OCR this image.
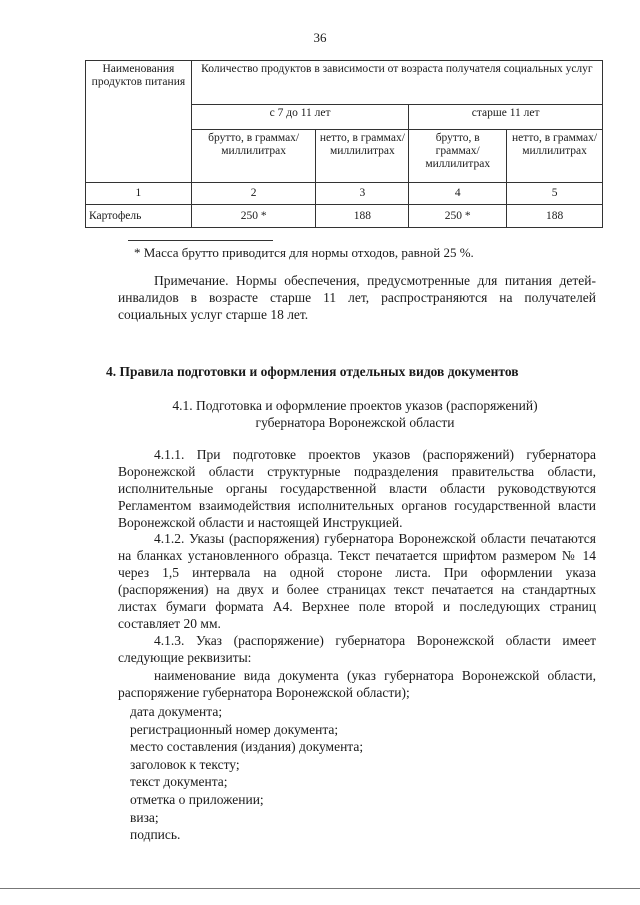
36
Наименования продуктов питания	Количество продуктов в зависимости от возраста получателя социальных услуг			
	с 7 до 11 лет		старше 11 лет	
	брутто, в граммах/ миллилитрах	нетто, в граммах/ миллилитрах	брутто, в граммах/ миллилитрах	нетто, в граммах/ миллилитрах
1	2	3	4	5
Картофель	250 *	188	250 *	188
* Масса брутто приводится для нормы отходов, равной 25 %.
Примечание. Нормы обеспечения, предусмотренные для питания детей-инвалидов в возрасте старше 11 лет, распространяются на получателей социальных услуг старше 18 лет.
4. Правила подготовки и оформления отдельных видов документов
4.1. Подготовка и оформление проектов указов (распоряжений) губернатора Воронежской области
4.1.1. При подготовке проектов указов (распоряжений) губернатора Воронежской области структурные подразделения правительства области, исполнительные органы государственной власти области руководствуются Регламентом взаимодействия исполнительных органов государственной власти Воронежской области и настоящей Инструкцией.
4.1.2. Указы (распоряжения) губернатора Воронежской области печатаются на бланках установленного образца. Текст печатается шрифтом размером № 14 через 1,5 интервала на одной стороне листа. При оформлении указа (распоряжения) на двух и более страницах текст печатается на стандартных листах бумаги формата А4. Верхнее поле второй и последующих страниц составляет 20 мм.
4.1.3. Указ (распоряжение) губернатора Воронежской области имеет следующие реквизиты:
наименование вида документа (указ губернатора Воронежской области, распоряжение губернатора Воронежской области);
дата документа;
регистрационный номер документа;
место составления (издания) документа;
заголовок к тексту;
текст документа;
отметка о приложении;
виза;
подпись.
